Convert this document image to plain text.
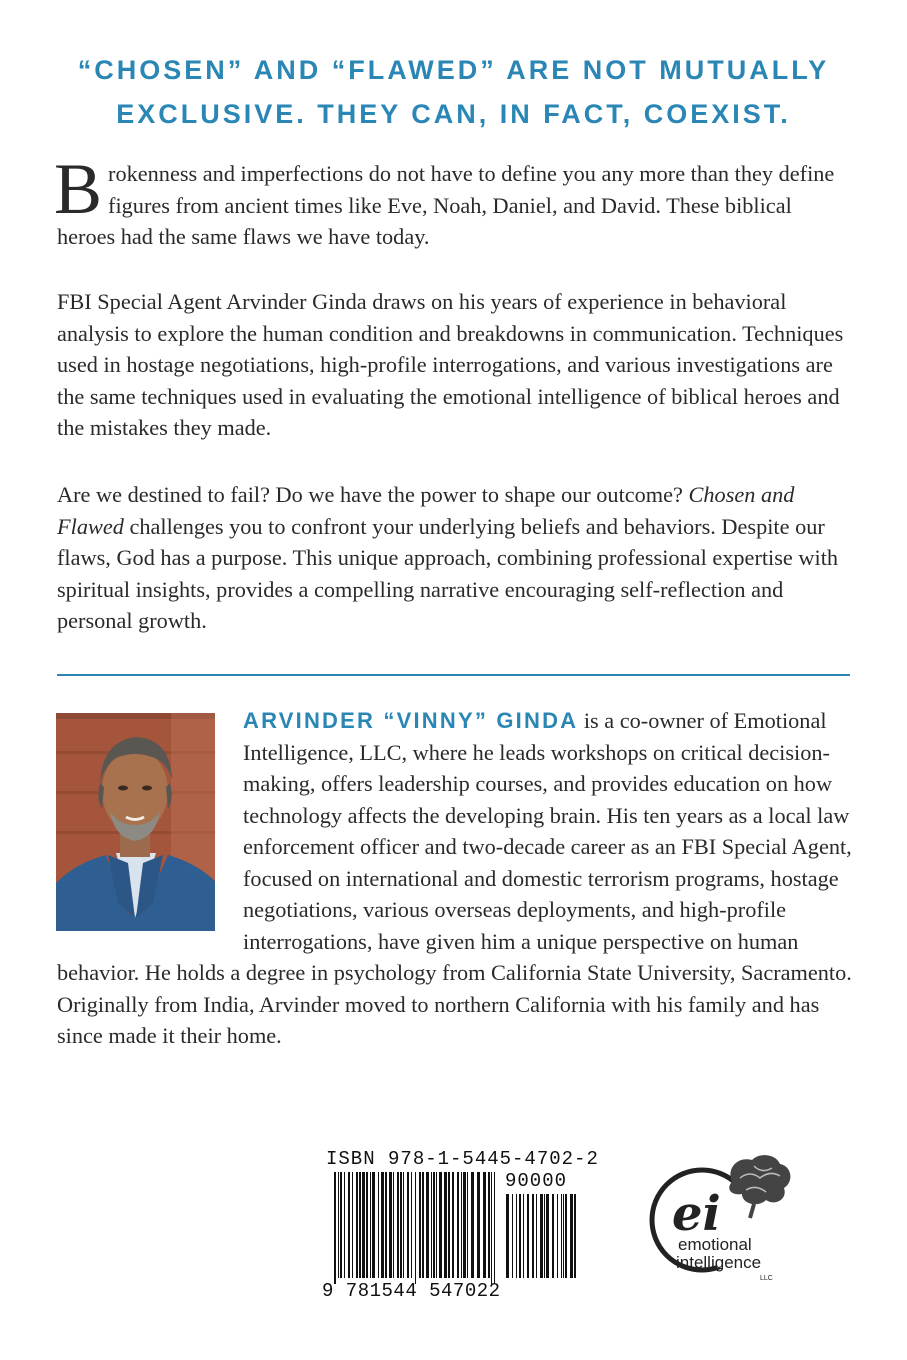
“CHOSEN” AND “FLAWED” ARE NOT MUTUALLY
EXCLUSIVE. THEY CAN, IN FACT, COEXIST.
Brokenness and imperfections do not have to define you any more than they define figures from ancient times like Eve, Noah, Daniel, and David. These biblical heroes had the same flaws we have today.
FBI Special Agent Arvinder Ginda draws on his years of experience in behavioral analysis to explore the human condition and breakdowns in communication. Techniques used in hostage negotiations, high-profile interrogations, and various investigations are the same techniques used in evaluating the emotional intelligence of biblical heroes and the mistakes they made.
Are we destined to fail? Do we have the power to shape our outcome? Chosen and Flawed challenges you to confront your underlying beliefs and behaviors. Despite our flaws, God has a purpose. This unique approach, combining professional expertise with spiritual insights, provides a compelling narrative encouraging self-reflection and personal growth.
ARVINDER “VINNY” GINDA is a co-owner of Emotional Intelligence, LLC, where he leads workshops on critical decision-making, offers leadership courses, and provides education on how technology affects the developing brain. His ten years as a local law enforcement officer and two-decade career as an FBI Special Agent, focused on international and domestic terrorism programs, hostage negotiations, various overseas deployments, and high-profile interrogations, have given him a unique perspective on human behavior. He holds a degree in psychology from California State University, Sacramento. Originally from India, Arvinder moved to northern California with his family and has since made it their home.
ISBN 978-1-5445-4702-2
90000
9 781544 547022
ei
emotional
intelligence
LLC
